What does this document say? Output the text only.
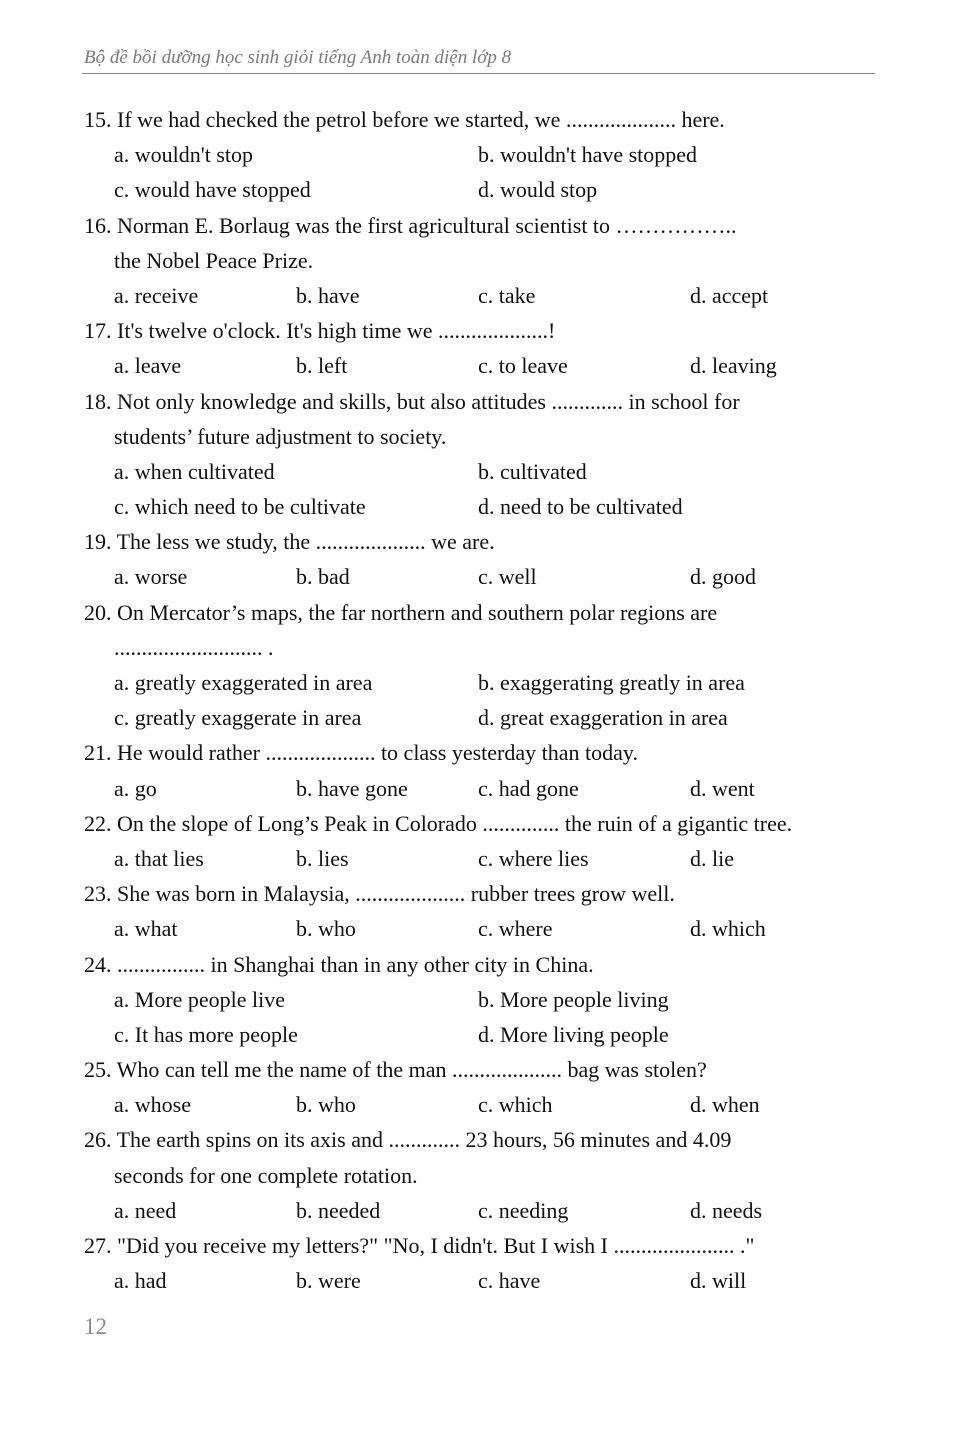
Bộ đề bồi dưỡng học sinh giỏi tiếng Anh toàn diện lớp 8
15. If we had checked the petrol before we started, we .................... here.
a. wouldn't stop	b. wouldn't have stopped
c. would have stopped	d. would stop
16. Norman E. Borlaug was the first agricultural scientist to ……………..
the Nobel Peace Prize.
a. receive	b. have	c. take	d. accept
17. It's twelve o'clock. It's high time we ....................!
a. leave	b. left	c. to leave	d. leaving
18. Not only knowledge and skills, but also attitudes ............. in school for
students’ future adjustment to society.
a. when cultivated	b. cultivated
c. which need to be cultivate	d. need to be cultivated
19. The less we study, the .................... we are.
a. worse	b. bad	c. well	d. good
20. On Mercator’s maps, the far northern and southern polar regions are
........................... .
a. greatly exaggerated in area	b. exaggerating greatly in area
c. greatly exaggerate in area	d. great exaggeration in area
21. He would rather .................... to class yesterday than today.
a. go	b. have gone	c. had gone	d. went
22. On the slope of Long’s Peak in Colorado .............. the ruin of a gigantic tree.
a. that lies	b. lies	c. where lies	d. lie
23. She was born in Malaysia, .................... rubber trees grow well.
a. what	b. who	c. where	d. which
24. ................ in Shanghai than in any other city in China.
a. More people live	b. More people living
c. It has more people	d. More living people
25. Who can tell me the name of the man .................... bag was stolen?
a. whose	b. who	c. which	d. when
26. The earth spins on its axis and ............. 23 hours, 56 minutes and 4.09
seconds for one complete rotation.
a. need	b. needed	c. needing	d. needs
27. "Did you receive my letters?" "No, I didn't. But I wish I ...................... ."
a. had	b. were	c. have	d. will
12
